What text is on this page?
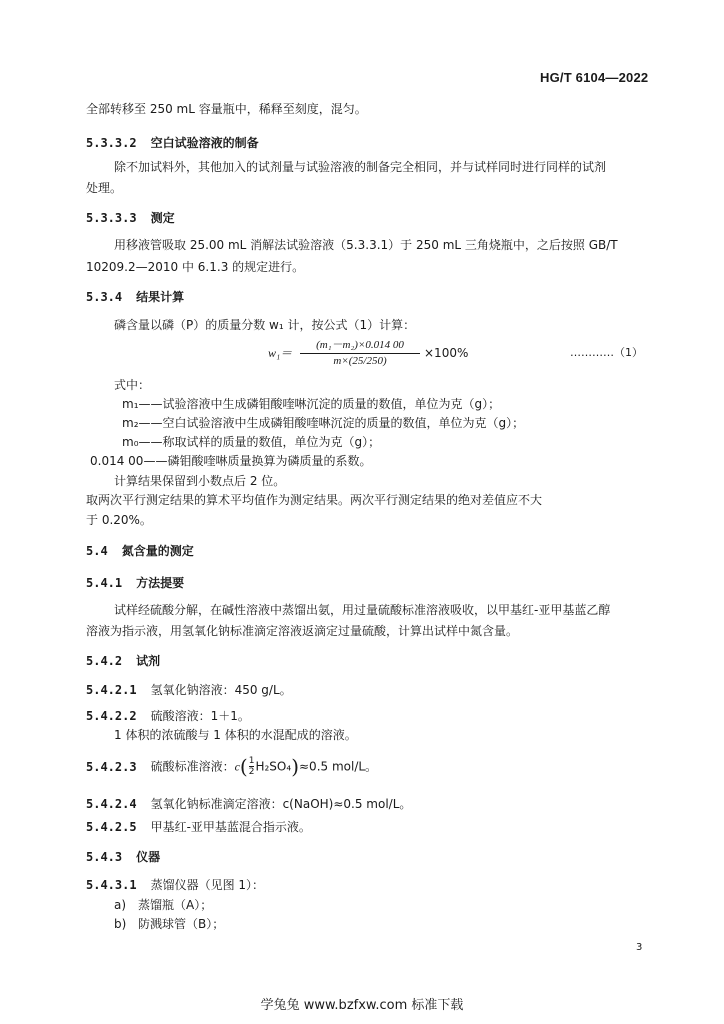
HG/T 6104—2022
全部转移至 250 mL 容量瓶中，稀释至刻度，混匀。
5.3.3.2 空白试验溶液的制备
除不加试料外，其他加入的试剂量与试验溶液的制备完全相同，并与试样同时进行同样的试剂
处理。
5.3.3.3 测定
用移液管吸取 25.00 mL 消解法试验溶液（5.3.3.1）于 250 mL 三角烧瓶中，之后按照 GB/T
10209.2—2010 中 6.1.3 的规定进行。
5.3.4 结果计算
磷含量以磷（P）的质量分数 w₁ 计，按公式（1）计算：
$w_1= \frac{\text{(m₁－m₂)×0.014 00}}{m\times(25/250)} \times 100\%$	…………（1）
式中：
m₁——试验溶液中生成磷钼酸喹啉沉淀的质量的数值，单位为克（g）；
m₂——空白试验溶液中生成磷钼酸喹啉沉淀的质量的数值，单位为克（g）；
m₀——称取试样的质量的数值，单位为克（g）；
0.014 00——磷钼酸喹啉质量换算为磷质量的系数。
计算结果保留到小数点后 2 位。
取两次平行测定结果的算术平均值作为测定结果。两次平行测定结果的绝对差值应不大
于 0.20%。
5.4 氮含量的测定
5.4.1 方法提要
试样经硫酸分解，在碱性溶液中蒸馏出氨，用过量硫酸标准溶液吸收，以甲基红-亚甲基蓝乙醇
溶液为指示液，用氢氧化钠标准滴定溶液返滴定过量硫酸，计算出试样中氮含量。
5.4.2 试剂
5.4.2.1 氢氧化钠溶液：450 g/L。
5.4.2.2 硫酸溶液：1＋1。
1 体积的浓硫酸与 1 体积的水混配成的溶液。
5.4.2.3 硫酸标准溶液：$c( \frac{1}{2} H_2SO_4)\approx 0.5$ mol/L。
5.4.2.4 氢氧化钠标准滴定溶液：c(NaOH)≈0.5 mol/L。
5.4.2.5 甲基红-亚甲基蓝混合指示液。
5.4.3 仪器
5.4.3.1 蒸馏仪器（见图 1）：
a) 蒸馏瓶（A）；
b) 防溅球管（B）；
3
学兔兔 www.bzfxw.com 标准下载
